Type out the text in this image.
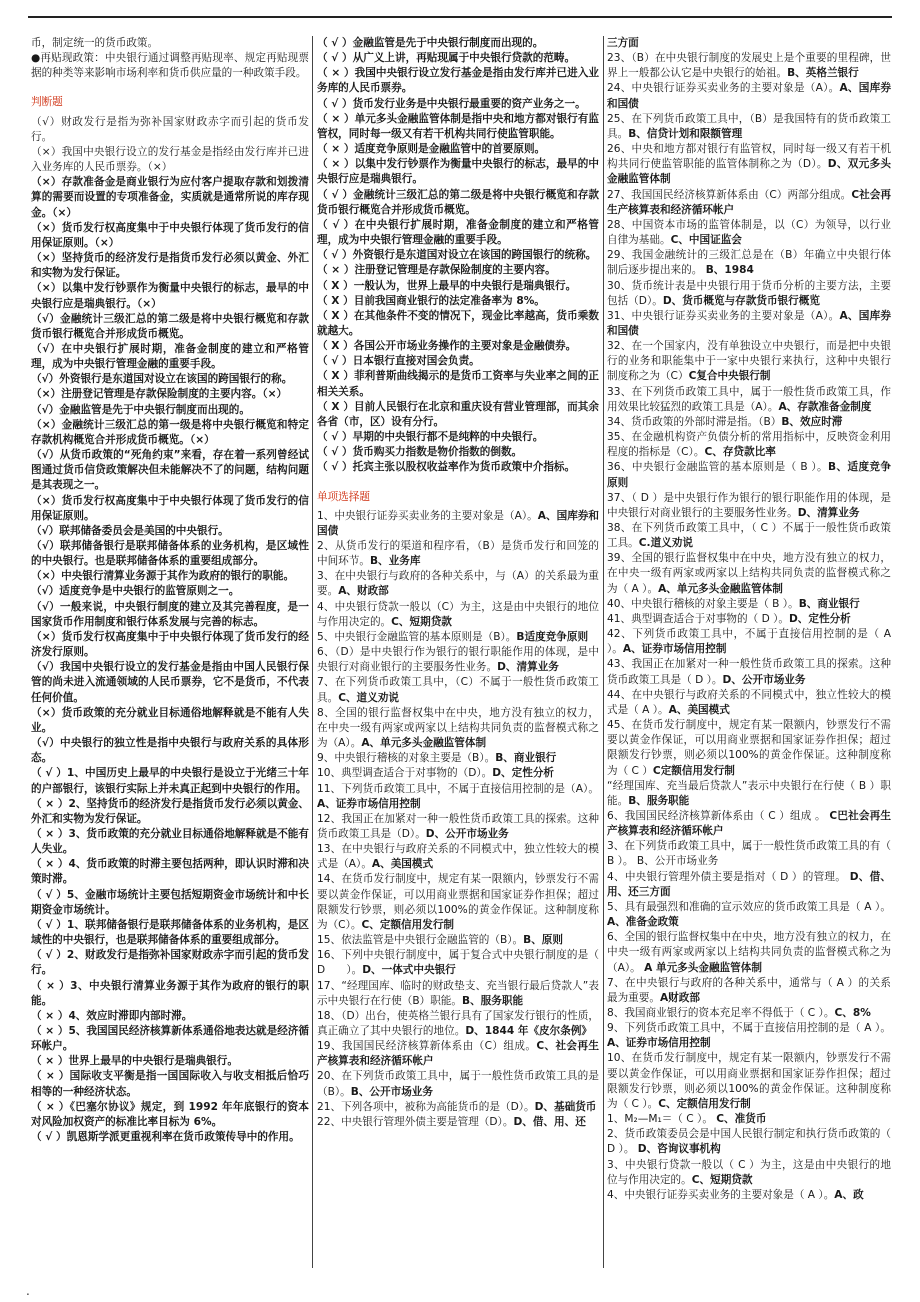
币，制定统一的货币政策。

●再贴现政策：中央银行通过调整再贴现率、规定再贴现票据的种类等来影响市场利率和货币供应量的一种政策手段。

判断题

（√）财政发行是指为弥补国家财政赤字而引起的货币发行。

（×）我国中央银行设立的发行基金是指经由发行库并已进入业务库的人民币票券。（×）

（×）存款准备金是商业银行为应付客户提取存款和划拨清算的需要而设置的专项准备金，实质就是通常所说的库存现金。（×）

（×）货币发行权高度集中于中央银行体现了货币发行的信用保证原则。（×）

（×）坚持货币的经济发行是指货币发行必须以黄金、外汇和实物为发行保证。

（×）以集中发行钞票作为衡量中央银行的标志，最早的中央银行应是瑞典银行。（×）

（√）金融统计三级汇总的第二级是将中央银行概览和存款货币银行概览合并形成货币概览。

（√）在中央银行扩展时期，准备金制度的建立和严格管理，成为中央银行管理金融的重要手段。

（√）外资银行是东道国对设立在该国的跨国银行的称。

（×）注册登记管理是存款保险制度的主要内容。（×）

（√）金融监管是先于中央银行制度而出现的。

（×）金融统计三级汇总的第一级是将中央银行概览和特定存款机构概览合并形成货币概览。（×）

（√）从货币政策的“死角约束”来看，存在着一系列曾经试图通过货币信贷政策解决但未能解决不了的问题，结构问题是其表现之一。

（×）货币发行权高度集中于中央银行体现了货币发行的信用保证原则。

（√）联邦储备委员会是美国的中央银行。

（√）联邦储备银行是联邦储备体系的业务机构，是区域性的中央银行。也是联邦储备体系的重要组成部分。

（×）中央银行清算业务源于其作为政府的银行的职能。

（√）适度竞争是中央银行的监管原则之一。

（√）一般来说，中央银行制度的建立及其完善程度，是一国家货币作用制度和银行体系发展与完善的标志。

（×）货币发行权高度集中于中央银行体现了货币发行的经济发行原则。

（√）我国中央银行设立的发行基金是指由中国人民银行保管的尚未进入流通领域的人民币票券，它不是货币，不代表任何价值。

（×）货币政策的充分就业目标通俗地解释就是不能有人失业。

（√）中央银行的独立性是指中央银行与政府关系的具体形态。

（ √ ）1、中国历史上最早的中央银行是设立于光绪三十年的户部银行，该银行实际上并未真正起到中央银行的作用。

（ × ）2、坚持货币的经济发行是指货币发行必须以黄金、外汇和实物为发行保证。

（ × ）3、货币政策的充分就业目标通俗地解释就是不能有人失业。

（ × ）4、货币政策的时滞主要包括两种，即认识时滞和决策时滞。

（ √ ）5、金融市场统计主要包括短期资金市场统计和中长期资金市场统计。

（ √ ）1、联邦储备银行是联邦储备体系的业务机构，是区域性的中央银行，也是联邦储备体系的重要组成部分。

（ √ ）2、财政发行是指弥补国家财政赤字而引起的货币发行。

（ × ）3、中央银行清算业务源于其作为政府的银行的职能。

（ × ）4、效应时滞即内部时滞。

（ × ）5、我国国民经济核算新体系通俗地表达就是经济循环帐户。

（ × ）世界上最早的中央银行是瑞典银行。

（ × ）国际收支平衡是指一国国际收入与收支相抵后恰巧相等的一种经济状态。

（ × ）《巴塞尔协议》规定，到 1992 年年底银行的资本对风险加权资产的标准比率目标为 6%。

（ √ ）凯恩斯学派更重视利率在货币政策传导中的作用。

（ √ ）金融监管是先于中央银行制度而出现的。

（ √ ）从广义上讲，再贴现属于中央银行贷款的范畴。

（ × ）我国中央银行设立发行基金是指由发行库并已进入业务库的人民币票券。

（ √ ）货币发行业务是中央银行最重要的资产业务之一。

（ × ）单元多头金融监管体制是指中央和地方都对银行有监管权，同时每一级又有若干机构共同行使监管职能。

（ × ）适度竞争原则是金融监管中的首要原则。

（ × ）以集中发行钞票作为衡量中央银行的标志，最早的中央银行应是瑞典银行。

（ √ ）金融统计三级汇总的第二级是将中央银行概览和存款货币银行概览合并形成货币概览。

（ √ ）在中央银行扩展时期，准备金制度的建立和严格管理，成为中央银行管理金融的重要手段。

（ √ ）外资银行是东道国对设立在该国的跨国银行的统称。

（ × ）注册登记管理是存款保险制度的主要内容。

（ X ）一般认为，世界上最早的中央银行是瑞典银行。

（ X ）目前我国商业银行的法定准备率为 8%。

（ X ）在其他条件不变的情况下，现金比率越高，货币乘数就越大。

（ X ）各国公开市场业务操作的主要对象是金融债券。

（ √ ）日本银行直接对国会负责。

（ X ）菲利普斯曲线揭示的是货币工资率与失业率之间的正相关关系。

（ X ）目前人民银行在北京和重庆设有营业管理部，而其余各省（市，区）设有分行。

（ √ ）早期的中央银行都不是纯粹的中央银行。

（ √ ）货币购买力指数是物价指数的倒数。

（ √ ）托宾主张以股权收益率作为货币政策中介指标。

单项选择题

1、中央银行证券买卖业务的主要对象是（A）。A、国库券和国债

2、从货币发行的渠道和程序看，（B）是货币发行和回笼的中间环节。B、业务库

3、在中央银行与政府的各种关系中，与（A）的关系最为重要。A、财政部

4、中央银行贷款一般以（C）为主，这是由中央银行的地位与作用决定的。C、短期贷款

5、中央银行金融监管的基本原则是（B）。B适度竞争原则

6、（D）是中央银行作为银行的银行职能作用的体现，是中央银行对商业银行的主要服务性业务。D、清算业务

7、在下列货币政策工具中，（C）不属于一般性货币政策工具。C、道义劝说

8、全国的银行监督权集中在中央，地方没有独立的权力，在中央一级有两家或两家以上结构共同负责的监督模式称之为（A）。A、单元多头金融监管体制

9、中央银行稽核的对象主要是（B）。B、商业银行

10、典型调查适合于对事物的（D）。D、定性分析

11、下列货币政策工具中，不属于直接信用控制的是（A）。A、证券市场信用控制

12、我国正在加紧对一种一般性货币政策工具的探索。这种货币政策工具是（D）。D、公开市场业务

13、在中央银行与政府关系的不同模式中，独立性较大的模式是（A）。A、美国模式

14、在货币发行制度中，规定有某一限额内，钞票发行不需要以黄金作保证，可以用商业票据和国家证券作担保；超过限额发行钞票，则必须以100%的黄金作保证。这种制度称为（C）。C、定额信用发行制

15、依法监管是中央银行金融监管的（B）。B、原则

16、下列中央银行制度中，属于复合式中央银行制度的是（　D　　）。D、一体式中央银行

17、“经理国库、临时的财政垫支、充当银行最后贷款人”表示中央银行在行使（B）职能。B、服务职能

18、（D）出台，使英格兰银行具有了国家发行银行的性质，真正确立了其中央银行的地位。D、1844 年《皮尔条例》

19、我国国民经济核算新体系由（C）组成。C、社会再生产核算表和经济循环帐户

20、在下列货币政策工具中，属于一般性货币政策工具的是（B）。B、公开市场业务

21、下列各项中，被称为高能货币的是（D）。D、基础货币

22、中央银行管理外债主要是管理（D）。D、借、用、还

三方面

23、（B）在中央银行制度的发展史上是个重要的里程碑，世界上一般都公认它是中央银行的始祖。B、英格兰银行

24、中央银行证券买卖业务的主要对象是（A）。A、国库券和国债

25、在下列货币政策工具中，（B）是我国特有的货币政策工具。B、信贷计划和限额管理

26、中央和地方都对银行有监管权，同时每一级又有若干机构共同行使监管职能的监管体制称之为（D）。D、双元多头金融监管体制

27、我国国民经济核算新体系由（C）两部分组成。C社会再生产核算表和经济循环帐户

28、中国资本市场的监管体制是，以（C）为领导，以行业自律为基础。C、中国证监会

29、我国金融统计的三级汇总是在（B）年确立中央银行体制后逐步提出来的。 B、1984

30、货币统计表是中央银行用于货币分析的主要方法，主要包括（D）。D、货币概览与存款货币银行概览

31、中央银行证券买卖业务的主要对象是（A）。A、国库券和国债

32、在一个国家内，没有单独设立中央银行，而是把中央银行的业务和职能集中于一家中央银行来执行，这种中央银行制度称之为（C）C复合中央银行制

33、在下列货币政策工具中，属于一般性货币政策工具，作用效果比较猛烈的政策工具是（A）。A、存款准备金制度

34、货币政策的外部时滞是指。（B）B、效应时滞

35、在金融机构资产负债分析的常用指标中，反映资金利用程度的指标是（C）。C、存贷款比率

36、中央银行金融监管的基本原则是（ B ）。B、适度竞争原则

37、（ D ）是中央银行作为银行的银行职能作用的体现，是中央银行对商业银行的主要服务性业务。D、清算业务

38、在下列货币政策工具中，（ C ）不属于一般性货币政策工具。C.道义劝说

39、全国的银行监督权集中在中央，地方没有独立的权力，在中央一级有两家或两家以上结构共同负责的监督模式称之为（ A ）。A、单元多头金融监管体制

40、中央银行稽核的对象主要是（ B ）。B、商业银行

41、典型调查适合于对事物的（ D ）。D、定性分析

42、下列货币政策工具中，不属于直接信用控制的是（ A ）。A、证券市场信用控制

43、我国正在加紧对一种一般性货币政策工具的探索。这种货币政策工具是（ D ）。D、公开市场业务

44、在中央银行与政府关系的不同模式中，独立性较大的模式是（ A ）。A、美国模式

45、在货币发行制度中，规定有某一限额内，钞票发行不需要以黄金作保证，可以用商业票据和国家证券作担保；超过限额发行钞票，则必须以100%的黄金作保证。这种制度称为（ C ）C定额信用发行制

“经理国库、充当最后贷款人”表示中央银行在行使（ B ）职能。B、服务职能

6、我国国民经济核算新体系由（ C ）组成 。 C巴社会再生产核算表和经济循环帐户

3、在下列货币政策工具中，属于一般性货币政策工具的有（ B ）。 B、公开市场业务

4、中央银行管理外债主要是指对（ D ）的管理。 D、借、用、还三方面

5、具有最强烈和准确的宣示效应的货币政策工具是（ A ）。A、准备金政策

6、全国的银行监督权集中在中央，地方没有独立的权力，在中央一级有两家或两家以上结构共同负责的监督模式称之为（A）。 A 单元多头金融监管体制

7、在中央银行与政府的各种关系中，通常与（ A ）的关系最为重要。A财政部

8、我国商业银行的资本充足率不得低于（ C ）。C、8%

9、下列货币政策工具中，不属于直接信用控制的是（ A ）。A、证券市场信用控制

10、在货币发行制度中，规定有某一限额内，钞票发行不需要以黄金作保证，可以用商业票据和国家证券作担保；超过限额发行钞票，则必须以100%的黄金作保证。这种制度称为（ C ）。C、定额信用发行制

1、M₂—M₁＝（ C ）。 C、准货币

2、货币政策委员会是中国人民银行制定和执行货币政策的（ D ）。 D、咨询议事机构

3、中央银行贷款一般以（ C ）为主，这是由中央银行的地位与作用决定的。C、短期贷款

4、中央银行证券买卖业务的主要对象是（ A ）。A、政

.
